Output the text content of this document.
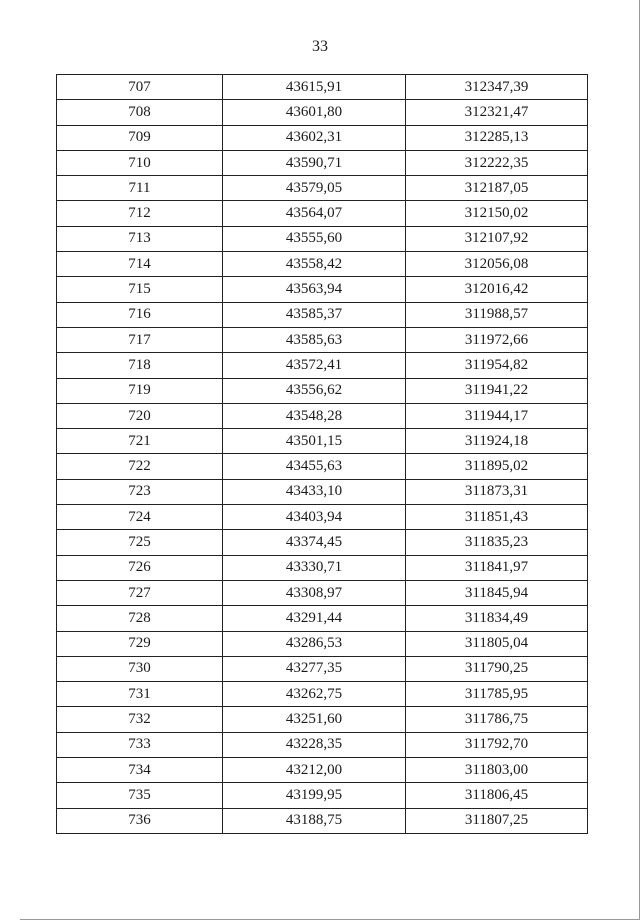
33
707	43615,91	312347,39
708	43601,80	312321,47
709	43602,31	312285,13
710	43590,71	312222,35
711	43579,05	312187,05
712	43564,07	312150,02
713	43555,60	312107,92
714	43558,42	312056,08
715	43563,94	312016,42
716	43585,37	311988,57
717	43585,63	311972,66
718	43572,41	311954,82
719	43556,62	311941,22
720	43548,28	311944,17
721	43501,15	311924,18
722	43455,63	311895,02
723	43433,10	311873,31
724	43403,94	311851,43
725	43374,45	311835,23
726	43330,71	311841,97
727	43308,97	311845,94
728	43291,44	311834,49
729	43286,53	311805,04
730	43277,35	311790,25
731	43262,75	311785,95
732	43251,60	311786,75
733	43228,35	311792,70
734	43212,00	311803,00
735	43199,95	311806,45
736	43188,75	311807,25
